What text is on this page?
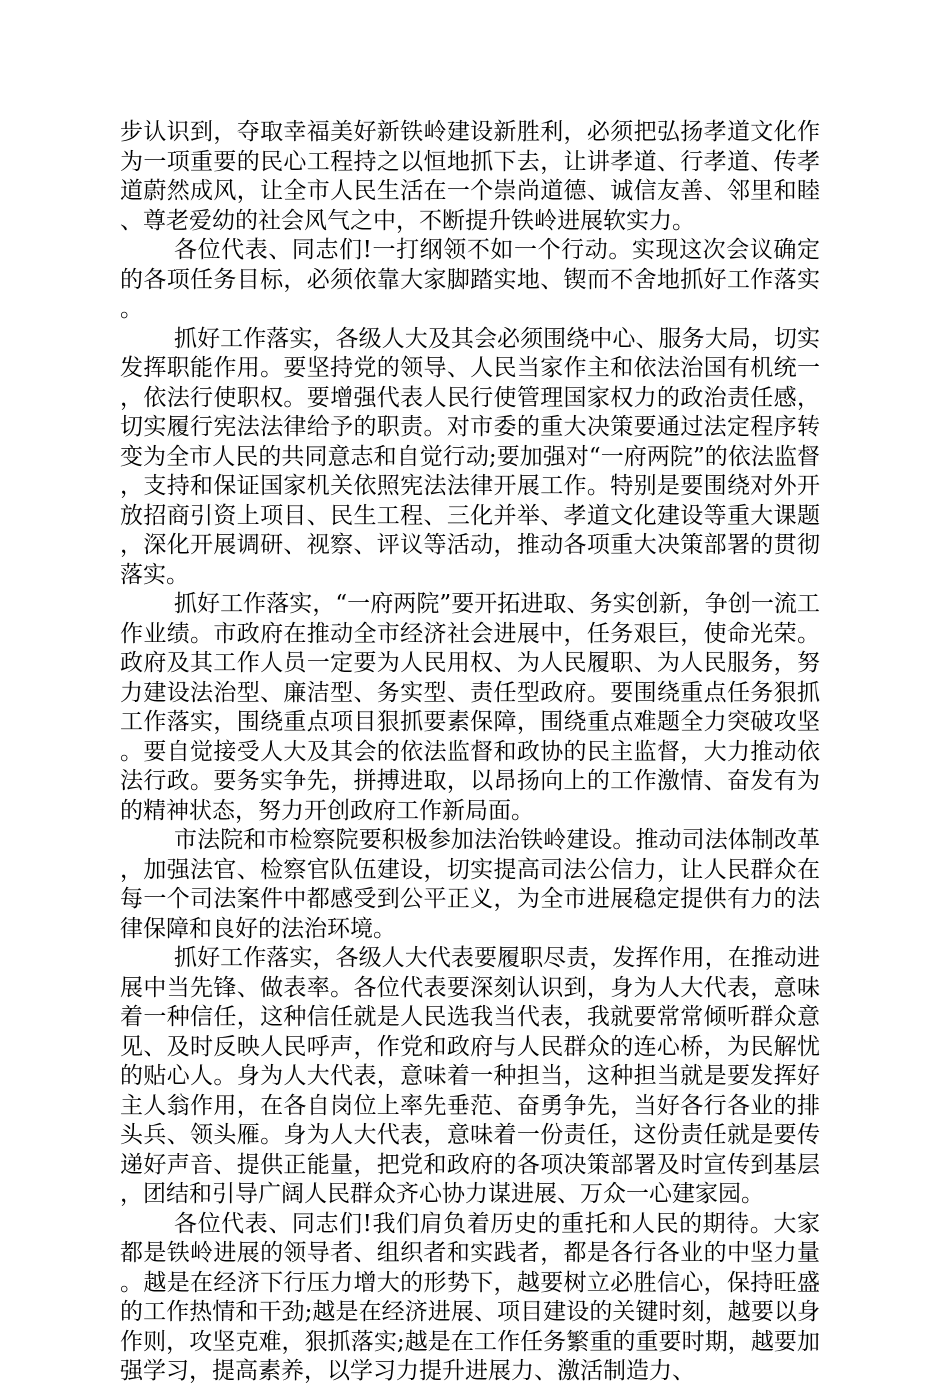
步认识到，夺取幸福美好新铁岭建设新胜利，必须把弘扬孝道文化作为一项重要的民心工程持之以恒地抓下去，让讲孝道、行孝道、传孝道蔚然成风，让全市人民生活在一个崇尚道德、诚信友善、邻里和睦、尊老爱幼的社会风气之中，不断提升铁岭进展软实力。

各位代表、同志们!一打纲领不如一个行动。实现这次会议确定的各项任务目标，必须依靠大家脚踏实地、锲而不舍地抓好工作落实。

抓好工作落实，各级人大及其会必须围绕中心、服务大局，切实发挥职能作用。要坚持党的领导、人民当家作主和依法治国有机统一，依法行使职权。要增强代表人民行使管理国家权力的政治责任感，切实履行宪法法律给予的职责。对市委的重大决策要通过法定程序转变为全市人民的共同意志和自觉行动;要加强对“一府两院”的依法监督，支持和保证国家机关依照宪法法律开展工作。特别是要围绕对外开放招商引资上项目、民生工程、三化并举、孝道文化建设等重大课题，深化开展调研、视察、评议等活动，推动各项重大决策部署的贯彻落实。

抓好工作落实，“一府两院”要开拓进取、务实创新，争创一流工作业绩。市政府在推动全市经济社会进展中，任务艰巨，使命光荣。政府及其工作人员一定要为人民用权、为人民履职、为人民服务，努力建设法治型、廉洁型、务实型、责任型政府。要围绕重点任务狠抓工作落实，围绕重点项目狠抓要素保障，围绕重点难题全力突破攻坚。要自觉接受人大及其会的依法监督和政协的民主监督，大力推动依法行政。要务实争先，拼搏进取，以昂扬向上的工作激情、奋发有为的精神状态，努力开创政府工作新局面。

市法院和市检察院要积极参加法治铁岭建设。推动司法体制改革，加强法官、检察官队伍建设，切实提高司法公信力，让人民群众在每一个司法案件中都感受到公平正义，为全市进展稳定提供有力的法律保障和良好的法治环境。

抓好工作落实，各级人大代表要履职尽责，发挥作用，在推动进展中当先锋、做表率。各位代表要深刻认识到，身为人大代表，意味着一种信任，这种信任就是人民选我当代表，我就要常常倾听群众意见、及时反映人民呼声，作党和政府与人民群众的连心桥，为民解忧的贴心人。身为人大代表，意味着一种担当，这种担当就是要发挥好主人翁作用，在各自岗位上率先垂范、奋勇争先，当好各行各业的排头兵、领头雁。身为人大代表，意味着一份责任，这份责任就是要传递好声音、提供正能量，把党和政府的各项决策部署及时宣传到基层，团结和引导广阔人民群众齐心协力谋进展、万众一心建家园。

各位代表、同志们!我们肩负着历史的重托和人民的期待。大家都是铁岭进展的领导者、组织者和实践者，都是各行各业的中坚力量。越是在经济下行压力增大的形势下，越要树立必胜信心，保持旺盛的工作热情和干劲;越是在经济进展、项目建设的关键时刻，越要以身作则，攻坚克难，狠抓落实;越是在工作任务繁重的重要时期，越要加强学习，提高素养，以学习力提升进展力、激活制造力、
